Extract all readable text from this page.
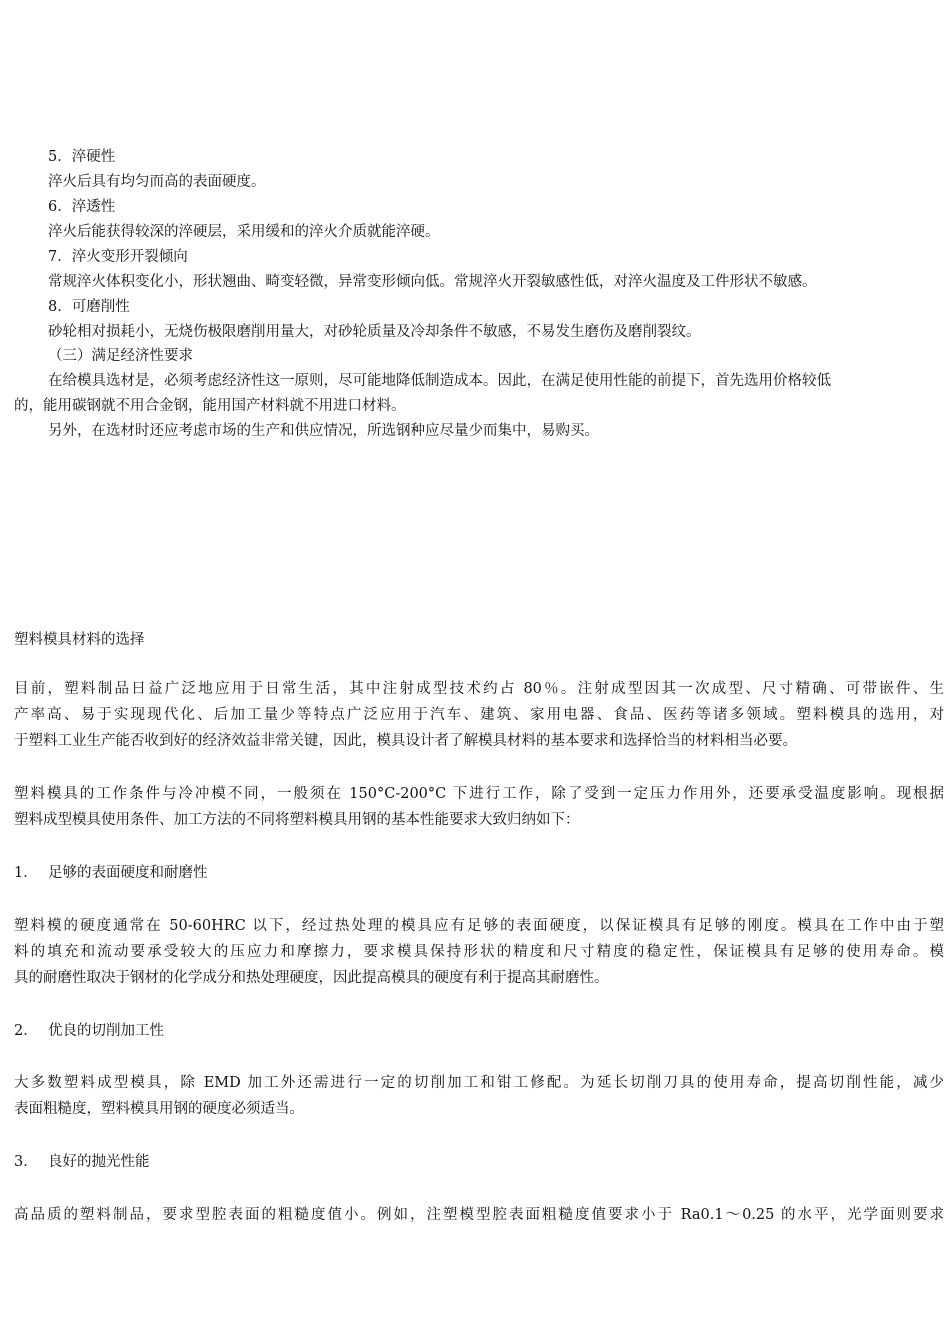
5．淬硬性
淬火后具有均匀而高的表面硬度。
6．淬透性
淬火后能获得较深的淬硬层，采用缓和的淬火介质就能淬硬。
7．淬火变形开裂倾向
常规淬火体积变化小，形状翘曲、畸变轻微，异常变形倾向低。常规淬火开裂敏感性低，对淬火温度及工件形状不敏感。
8．可磨削性
砂轮相对损耗小，无烧伤极限磨削用量大，对砂轮质量及冷却条件不敏感，不易发生磨伤及磨削裂纹。
（三）满足经济性要求
在给模具选材是，必须考虑经济性这一原则，尽可能地降低制造成本。因此，在满足使用性能的前提下，首先选用价格较低
的，能用碳钢就不用合金钢，能用国产材料就不用进口材料。
另外，在选材时还应考虑市场的生产和供应情况，所选钢种应尽量少而集中，易购买。
塑料模具材料的选择
目前，塑料制品日益广泛地应用于日常生活，其中注射成型技术约占 80％。注射成型因其一次成型、尺寸精确、可带嵌件、生
产率高、易于实现现代化、后加工量少等特点广泛应用于汽车、建筑、家用电器、食品、医药等诸多领域。塑料模具的选用，对
于塑料工业生产能否收到好的经济效益非常关键，因此，模具设计者了解模具材料的基本要求和选择恰当的材料相当必要。
塑料模具的工作条件与冷冲模不同，一般须在 150°C-200°C 下进行工作，除了受到一定压力作用外，还要承受温度影响。现根据
塑料成型模具使用条件、加工方法的不同将塑料模具用钢的基本性能要求大致归纳如下：
1． 足够的表面硬度和耐磨性
塑料模的硬度通常在 50-60HRC 以下，经过热处理的模具应有足够的表面硬度，以保证模具有足够的刚度。模具在工作中由于塑
料的填充和流动要承受较大的压应力和摩擦力，要求模具保持形状的精度和尺寸精度的稳定性，保证模具有足够的使用寿命。模
具的耐磨性取决于钢材的化学成分和热处理硬度，因此提高模具的硬度有利于提高其耐磨性。
2． 优良的切削加工性
大多数塑料成型模具，除 EMD 加工外还需进行一定的切削加工和钳工修配。为延长切削刀具的使用寿命，提高切削性能，减少
表面粗糙度，塑料模具用钢的硬度必须适当。
3． 良好的抛光性能
高品质的塑料制品，要求型腔表面的粗糙度值小。例如，注塑模型腔表面粗糙度值要求小于 Ra0.1～0.25 的水平，光学面则要求
